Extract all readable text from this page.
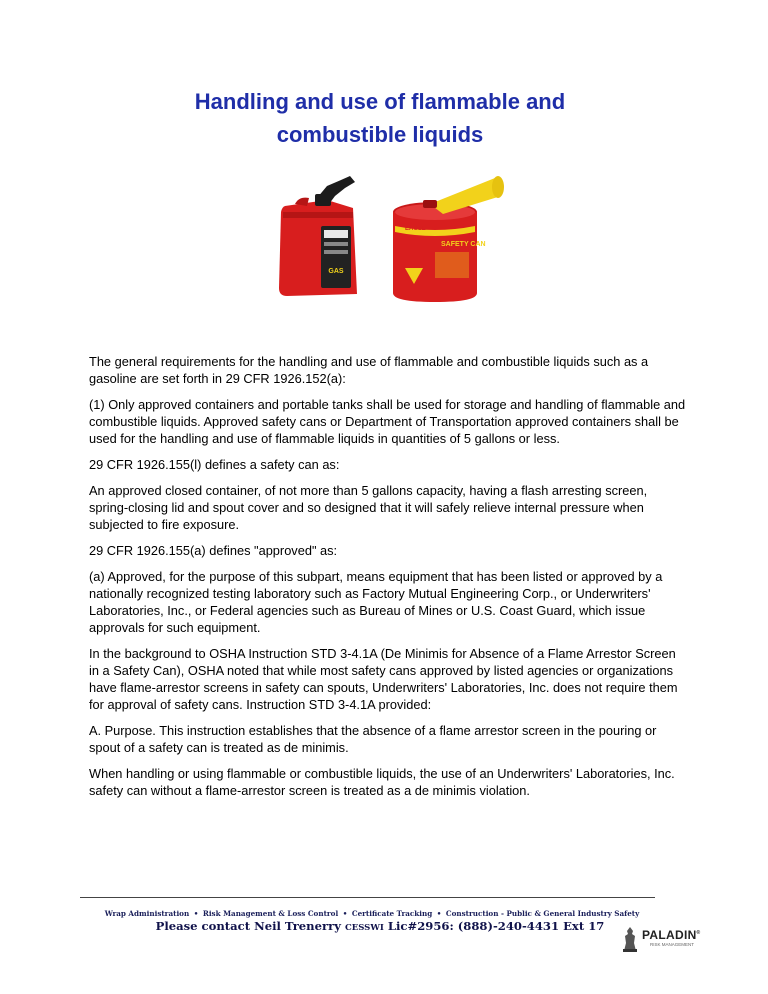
Handling and use of flammable and
combustible liquids
GAS
EAGLE
SAFETY CAN

The general requirements for the handling and use of flammable and combustible liquids such as a gasoline are set forth in 29 CFR 1926.152(a):

(1) Only approved containers and portable tanks shall be used for storage and handling of flammable and combustible liquids. Approved safety cans or Department of Transportation approved containers shall be used for the handling and use of flammable liquids in quantities of 5 gallons or less.

29 CFR 1926.155(l) defines a safety can as:

An approved closed container, of not more than 5 gallons capacity, having a flash arresting screen, spring-closing lid and spout cover and so designed that it will safely relieve internal pressure when subjected to fire exposure.

29 CFR 1926.155(a) defines "approved" as:

(a) Approved, for the purpose of this subpart, means equipment that has been listed or approved by a nationally recognized testing laboratory such as Factory Mutual Engineering Corp., or Underwriters' Laboratories, Inc., or Federal agencies such as Bureau of Mines or U.S. Coast Guard, which issue approvals for such equipment.

In the background to OSHA Instruction STD 3-4.1A (De Minimis for Absence of a Flame Arrestor Screen in a Safety Can), OSHA noted that while most safety cans approved by listed agencies or organizations have flame-arrestor screens in safety can spouts, Underwriters' Laboratories, Inc. does not require them for approval of safety cans. Instruction STD 3-4.1A provided:

A. Purpose. This instruction establishes that the absence of a flame arrestor screen in the pouring or spout of a safety can is treated as de minimis.

When handling or using flammable or combustible liquids, the use of an Underwriters' Laboratories, Inc. safety can without a flame-arrestor screen is treated as a de minimis violation.

Wrap Administration • Risk Management & Loss Control • Certificate Tracking • Construction - Public & General Industry Safety
Please contact Neil Trenerry CESSWI Lic#2956: (888)-240-4431 Ext 17
PALADIN®
RISK MANAGEMENT
